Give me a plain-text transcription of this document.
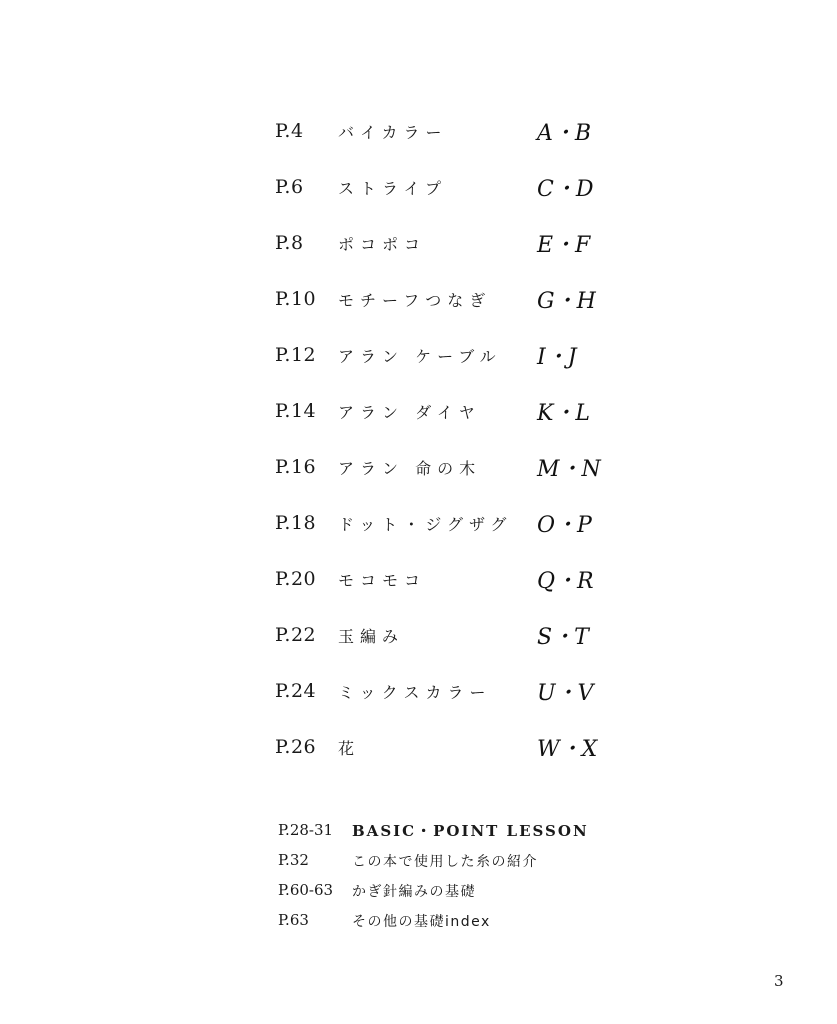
P.4 バイカラー	A・B
P.6 ストライプ	C・D
P.8 ポコポコ	E・F
P.10 モチーフつなぎ G・H
P.12 アラン ケーブル I・J
P.14 アラン ダイヤ	K・L
P.16 アラン 命の木	M・N
P.18 ドット・ジグザグ O・P
P.20 モコモコ	Q・R
P.22 玉編み	S・T
P.24 ミックスカラー U・V
P.26 花	W・X
P.28-31 BASIC・POINT LESSON
P.32	この本で使用した糸の紹介
P.60-63 かぎ針編みの基礎
P.63	その他の基礎index
3
